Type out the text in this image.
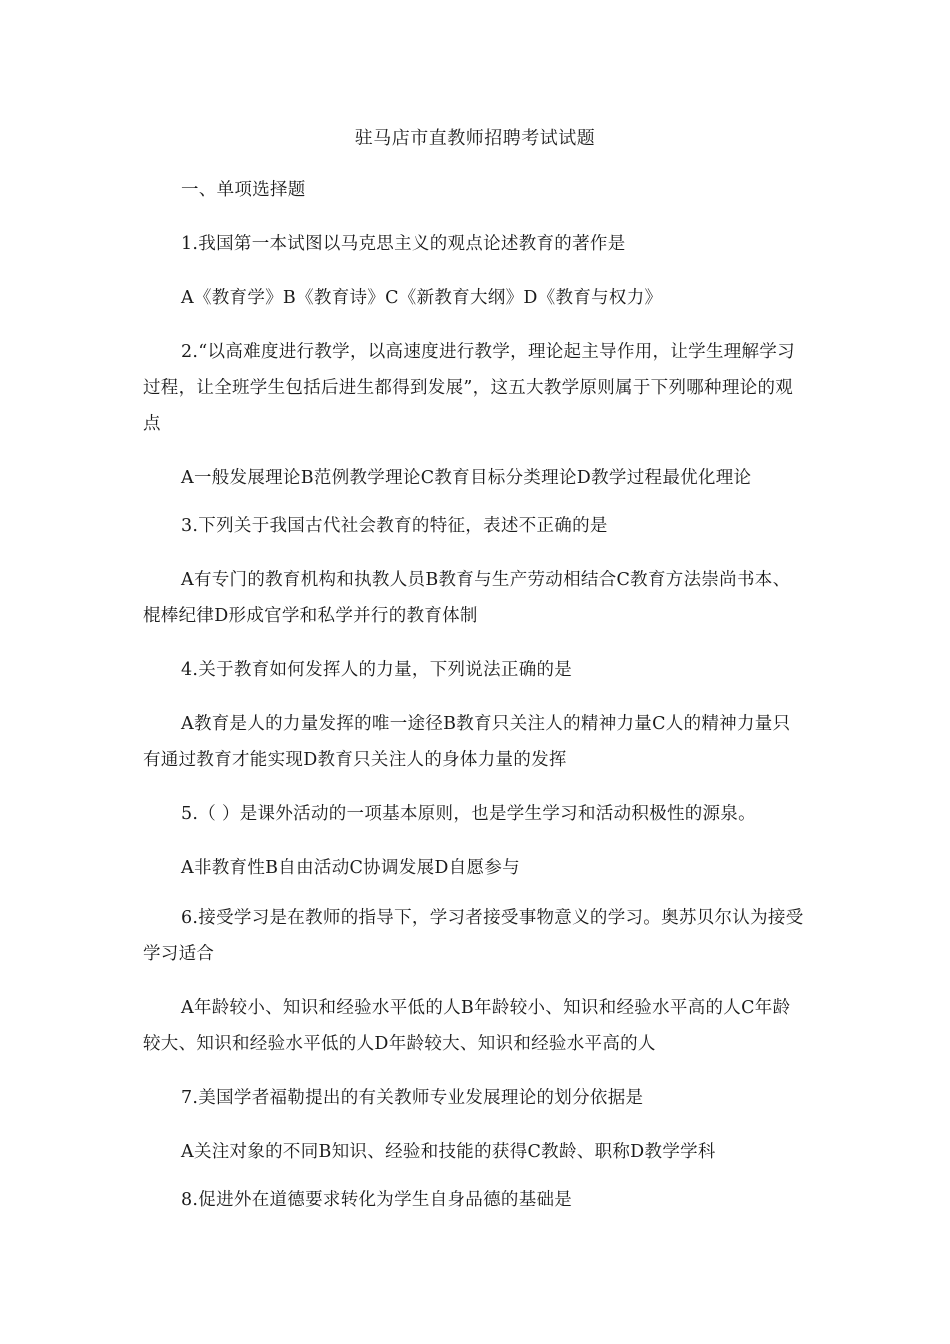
驻马店市直教师招聘考试试题

一、单项选择题

1.我国第一本试图以马克思主义的观点论述教育的著作是

A《教育学》B《教育诗》C《新教育大纲》D《教育与权力》

2.“以高难度进行教学，以高速度进行教学，理论起主导作用，让学生理解学习过程，让全班学生包括后进生都得到发展”，这五大教学原则属于下列哪种理论的观点

A一般发展理论B范例教学理论C教育目标分类理论D教学过程最优化理论

3.下列关于我国古代社会教育的特征，表述不正确的是

A有专门的教育机构和执教人员B教育与生产劳动相结合C教育方法崇尚书本、棍棒纪律D形成官学和私学并行的教育体制

4.关于教育如何发挥人的力量，下列说法正确的是

A教育是人的力量发挥的唯一途径B教育只关注人的精神力量C人的精神力量只有通过教育才能实现D教育只关注人的身体力量的发挥

5.（ ）是课外活动的一项基本原则，也是学生学习和活动积极性的源泉。

A非教育性B自由活动C协调发展D自愿参与

6.接受学习是在教师的指导下，学习者接受事物意义的学习。奥苏贝尔认为接受学习适合

A年龄较小、知识和经验水平低的人B年龄较小、知识和经验水平高的人C年龄较大、知识和经验水平低的人D年龄较大、知识和经验水平高的人

7.美国学者福勒提出的有关教师专业发展理论的划分依据是

A关注对象的不同B知识、经验和技能的获得C教龄、职称D教学学科

8.促进外在道德要求转化为学生自身品德的基础是
